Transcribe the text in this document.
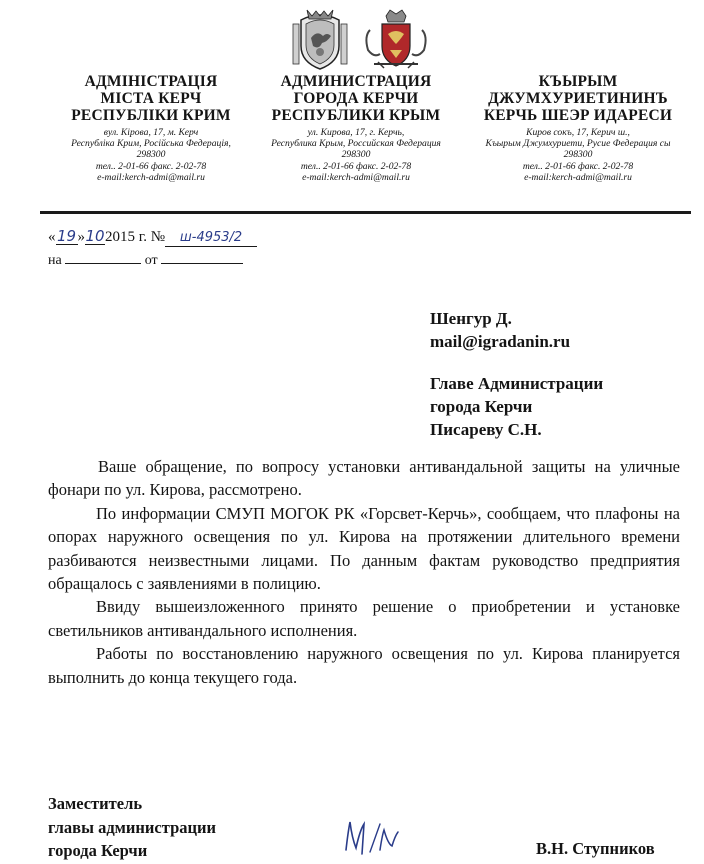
АДМІНІСТРАЦІЯ
МІСТА КЕРЧ
РЕСПУБЛІКИ КРИМ
вул. Кірова, 17, м. Керч
Республіка Крим, Російська Федерація,
298300
тел.. 2-01-66 факс. 2-02-78
e-mail:kerch-admi@mail.ru
АДМИНИСТРАЦИЯ
ГОРОДА КЕРЧИ
РЕСПУБЛИКИ КРЫМ
ул. Кирова, 17, г. Керчь,
Республика Крым, Российская Федерация
298300
тел.. 2-01-66 факс. 2-02-78
e-mail:kerch-admi@mail.ru
КЪЫРЫМ
ДЖУМХУРИЕТИНИНЪ
КЕРЧЬ ШЕЭР ИДАРЕСИ
Киров сокъ, 17, Керич ш.,
Къырым Джумхуриети, Русие Федерация сы
298300
тел.. 2-01-66 факс. 2-02-78
e-mail:kerch-admi@mail.ru
«19»102015 г. № ш-4953/2
на	от
Шенгур Д.
mail@igradanin.ru
Главе Администрации
города Керчи
Писареву С.Н.

Ваше обращение, по вопросу установки антивандальной защиты на уличные фонари по ул. Кирова, рассмотрено.

По информации СМУП МОГОК РК «Горсвет-Керчь», сообщаем, что плафоны на опорах наружного освещения по ул. Кирова на протяжении длительного времени разбиваются неизвестными лицами. По данным фактам руководство предприятия обращалось с заявлениями в полицию.

Ввиду вышеизложенного принято решение о приобретении и установке светильников антивандального исполнения.

Работы по восстановлению наружного освещения по ул. Кирова планируется выполнить до конца текущего года.

Заместитель
главы администрации
города Керчи	В.Н. Ступников
